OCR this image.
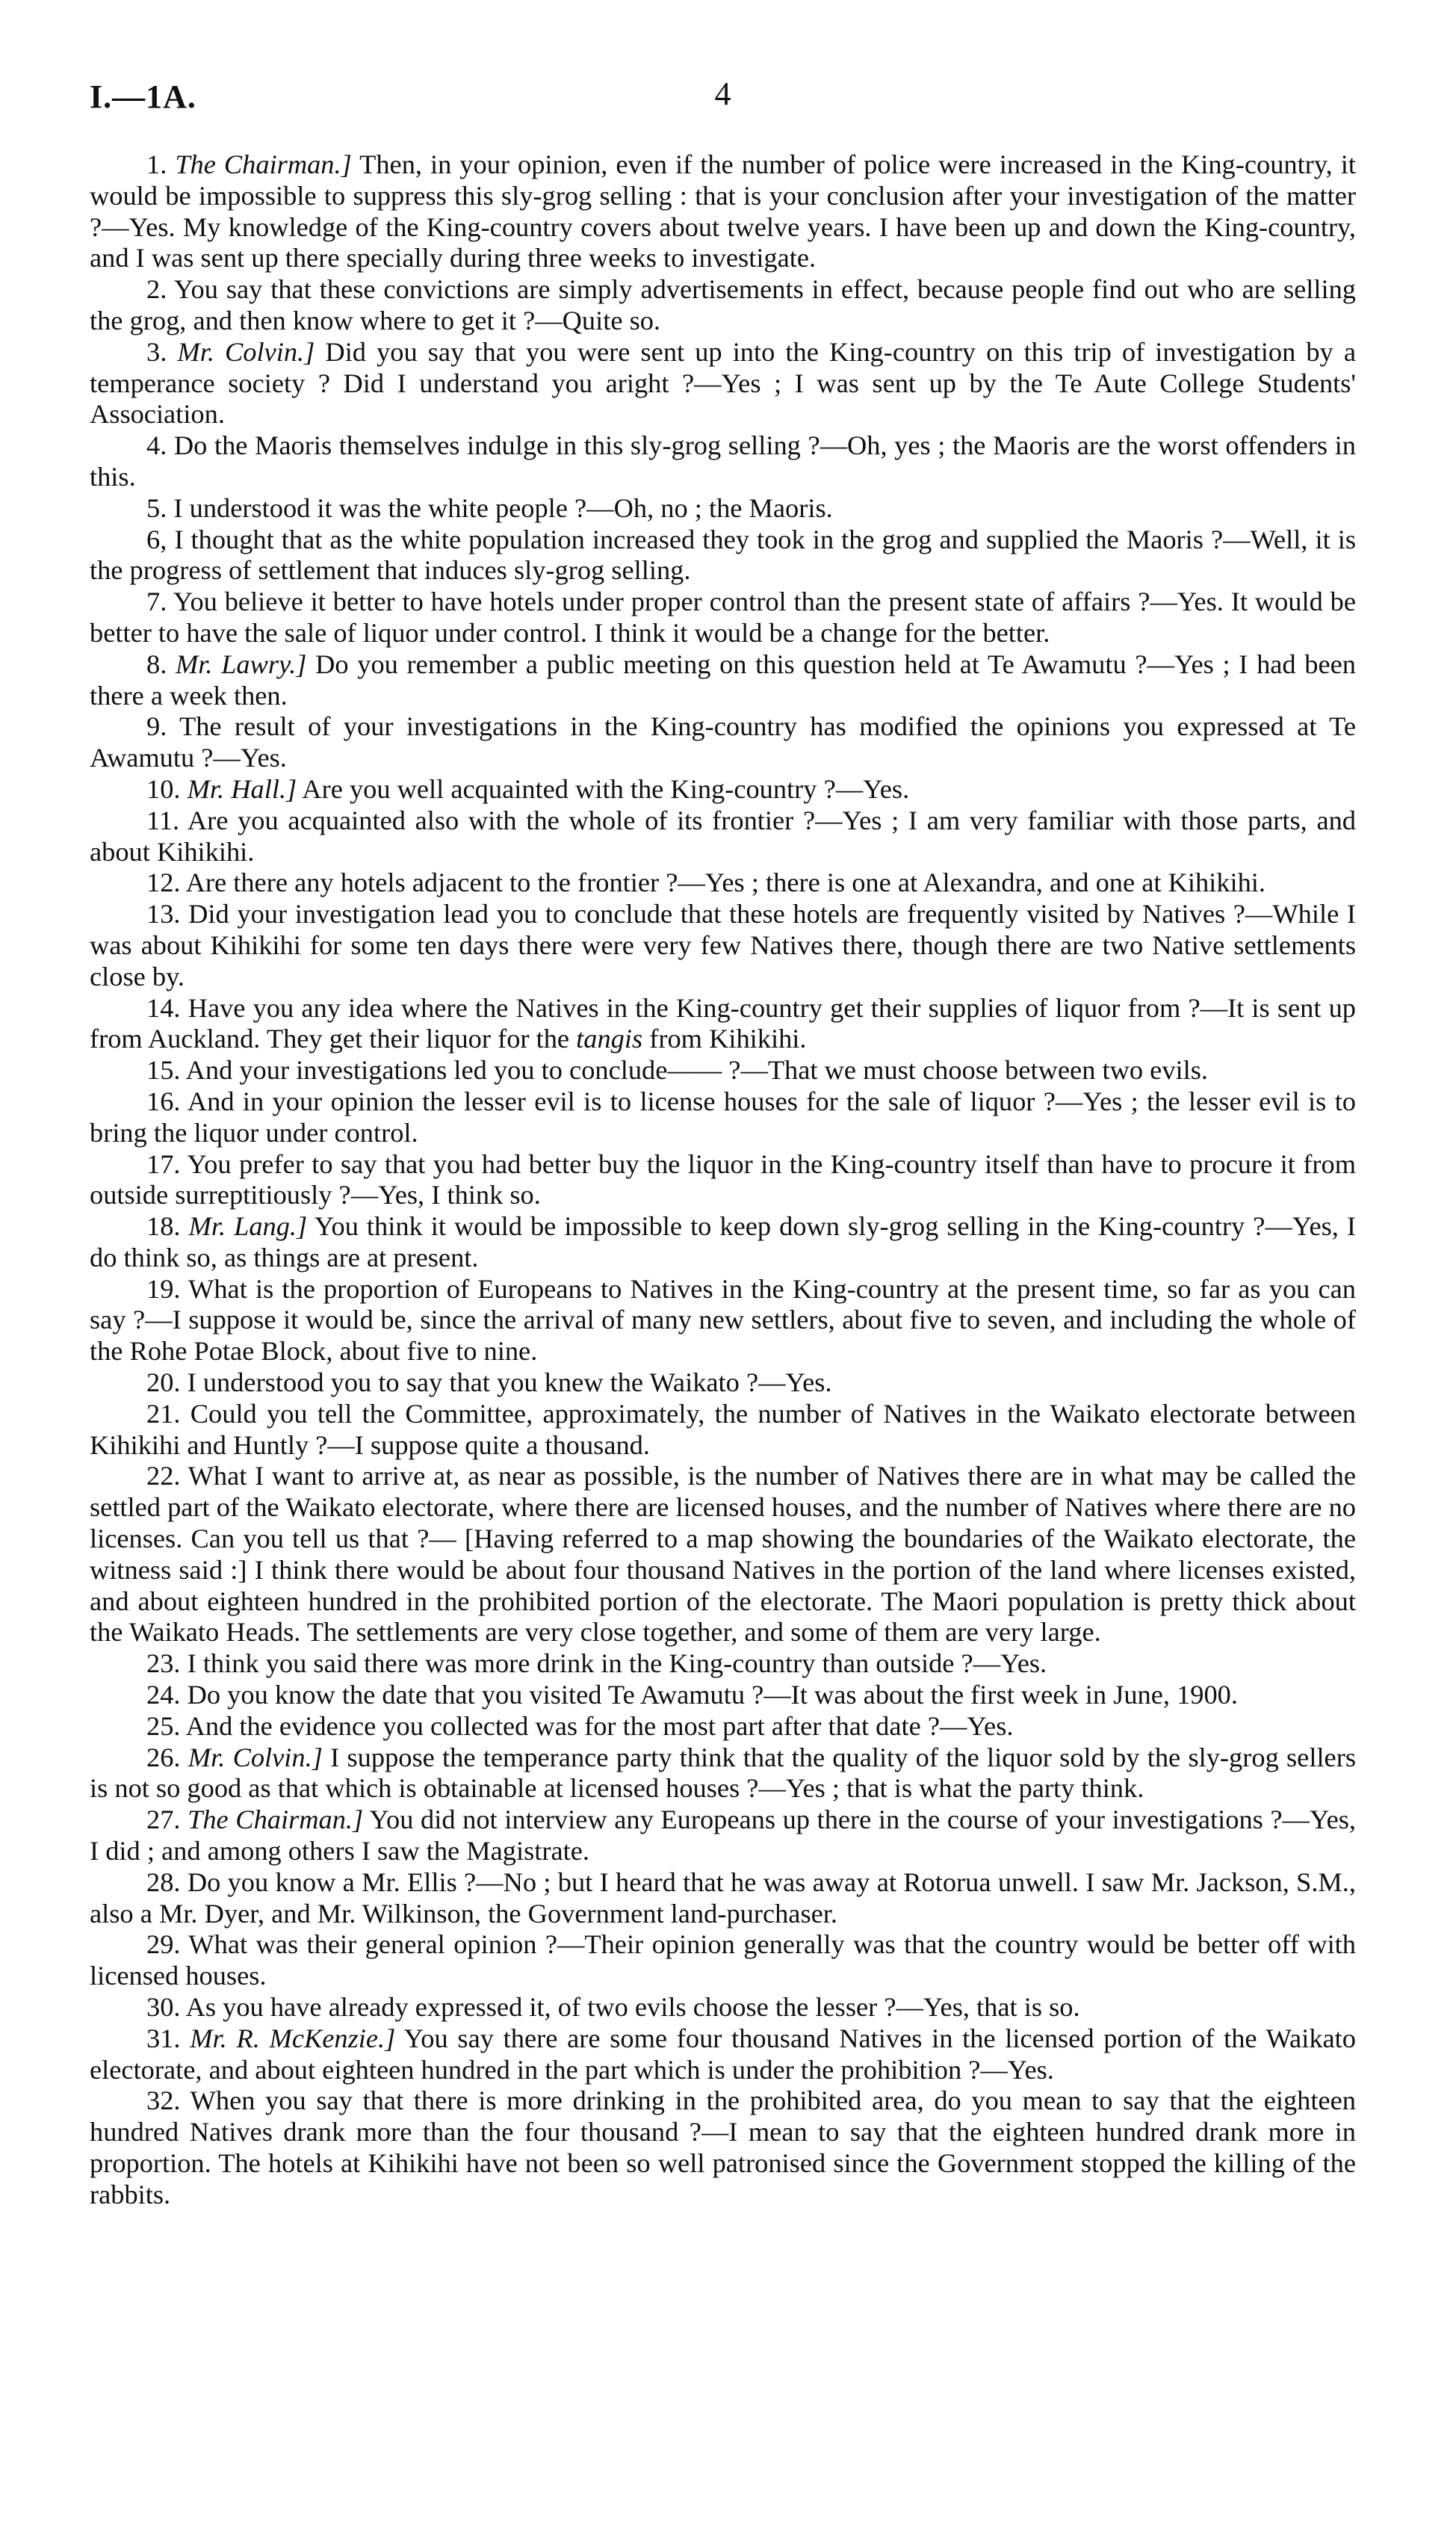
I.—1A.	4

1. The Chairman.] Then, in your opinion, even if the number of police were increased in the King-country, it would be impossible to suppress this sly-grog selling : that is your conclusion after your investigation of the matter ?—Yes. My knowledge of the King-country covers about twelve years. I have been up and down the King-country, and I was sent up there specially during three weeks to investigate.

2. You say that these convictions are simply advertisements in effect, because people find out who are selling the grog, and then know where to get it ?—Quite so.

3. Mr. Colvin.] Did you say that you were sent up into the King-country on this trip of investigation by a temperance society ? Did I understand you aright ?—Yes ; I was sent up by the Te Aute College Students' Association.

4. Do the Maoris themselves indulge in this sly-grog selling ?—Oh, yes ; the Maoris are the worst offenders in this.

5. I understood it was the white people ?—Oh, no ; the Maoris.

6, I thought that as the white population increased they took in the grog and supplied the Maoris ?—Well, it is the progress of settlement that induces sly-grog selling.

7. You believe it better to have hotels under proper control than the present state of affairs ?—Yes. It would be better to have the sale of liquor under control. I think it would be a change for the better.

8. Mr. Lawry.] Do you remember a public meeting on this question held at Te Awamutu ?—Yes ; I had been there a week then.

9. The result of your investigations in the King-country has modified the opinions you expressed at Te Awamutu ?—Yes.

10. Mr. Hall.] Are you well acquainted with the King-country ?—Yes.

11. Are you acquainted also with the whole of its frontier ?—Yes ; I am very familiar with those parts, and about Kihikihi.

12. Are there any hotels adjacent to the frontier ?—Yes ; there is one at Alexandra, and one at Kihikihi.

13. Did your investigation lead you to conclude that these hotels are frequently visited by Natives ?—While I was about Kihikihi for some ten days there were very few Natives there, though there are two Native settlements close by.

14. Have you any idea where the Natives in the King-country get their supplies of liquor from ?—It is sent up from Auckland. They get their liquor for the tangis from Kihikihi.

15. And your investigations led you to conclude—— ?—That we must choose between two evils.

16. And in your opinion the lesser evil is to license houses for the sale of liquor ?—Yes ; the lesser evil is to bring the liquor under control.

17. You prefer to say that you had better buy the liquor in the King-country itself than have to procure it from outside surreptitiously ?—Yes, I think so.

18. Mr. Lang.] You think it would be impossible to keep down sly-grog selling in the King-country ?—Yes, I do think so, as things are at present.

19. What is the proportion of Europeans to Natives in the King-country at the present time, so far as you can say ?—I suppose it would be, since the arrival of many new settlers, about five to seven, and including the whole of the Rohe Potae Block, about five to nine.

20. I understood you to say that you knew the Waikato ?—Yes.

21. Could you tell the Committee, approximately, the number of Natives in the Waikato electorate between Kihikihi and Huntly ?—I suppose quite a thousand.

22. What I want to arrive at, as near as possible, is the number of Natives there are in what may be called the settled part of the Waikato electorate, where there are licensed houses, and the number of Natives where there are no licenses. Can you tell us that ?— [Having referred to a map showing the boundaries of the Waikato electorate, the witness said :] I think there would be about four thousand Natives in the portion of the land where licenses existed, and about eighteen hundred in the prohibited portion of the electorate. The Maori population is pretty thick about the Waikato Heads. The settlements are very close together, and some of them are very large.

23. I think you said there was more drink in the King-country than outside ?—Yes.

24. Do you know the date that you visited Te Awamutu ?—It was about the first week in June, 1900.

25. And the evidence you collected was for the most part after that date ?—Yes.

26. Mr. Colvin.] I suppose the temperance party think that the quality of the liquor sold by the sly-grog sellers is not so good as that which is obtainable at licensed houses ?—Yes ; that is what the party think.

27. The Chairman.] You did not interview any Europeans up there in the course of your investigations ?—Yes, I did ; and among others I saw the Magistrate.

28. Do you know a Mr. Ellis ?—No ; but I heard that he was away at Rotorua unwell. I saw Mr. Jackson, S.M., also a Mr. Dyer, and Mr. Wilkinson, the Government land-purchaser.

29. What was their general opinion ?—Their opinion generally was that the country would be better off with licensed houses.

30. As you have already expressed it, of two evils choose the lesser ?—Yes, that is so.

31. Mr. R. McKenzie.] You say there are some four thousand Natives in the licensed portion of the Waikato electorate, and about eighteen hundred in the part which is under the prohibition ?—Yes.

32. When you say that there is more drinking in the prohibited area, do you mean to say that the eighteen hundred Natives drank more than the four thousand ?—I mean to say that the eighteen hundred drank more in proportion. The hotels at Kihikihi have not been so well patronised since the Government stopped the killing of the rabbits.
